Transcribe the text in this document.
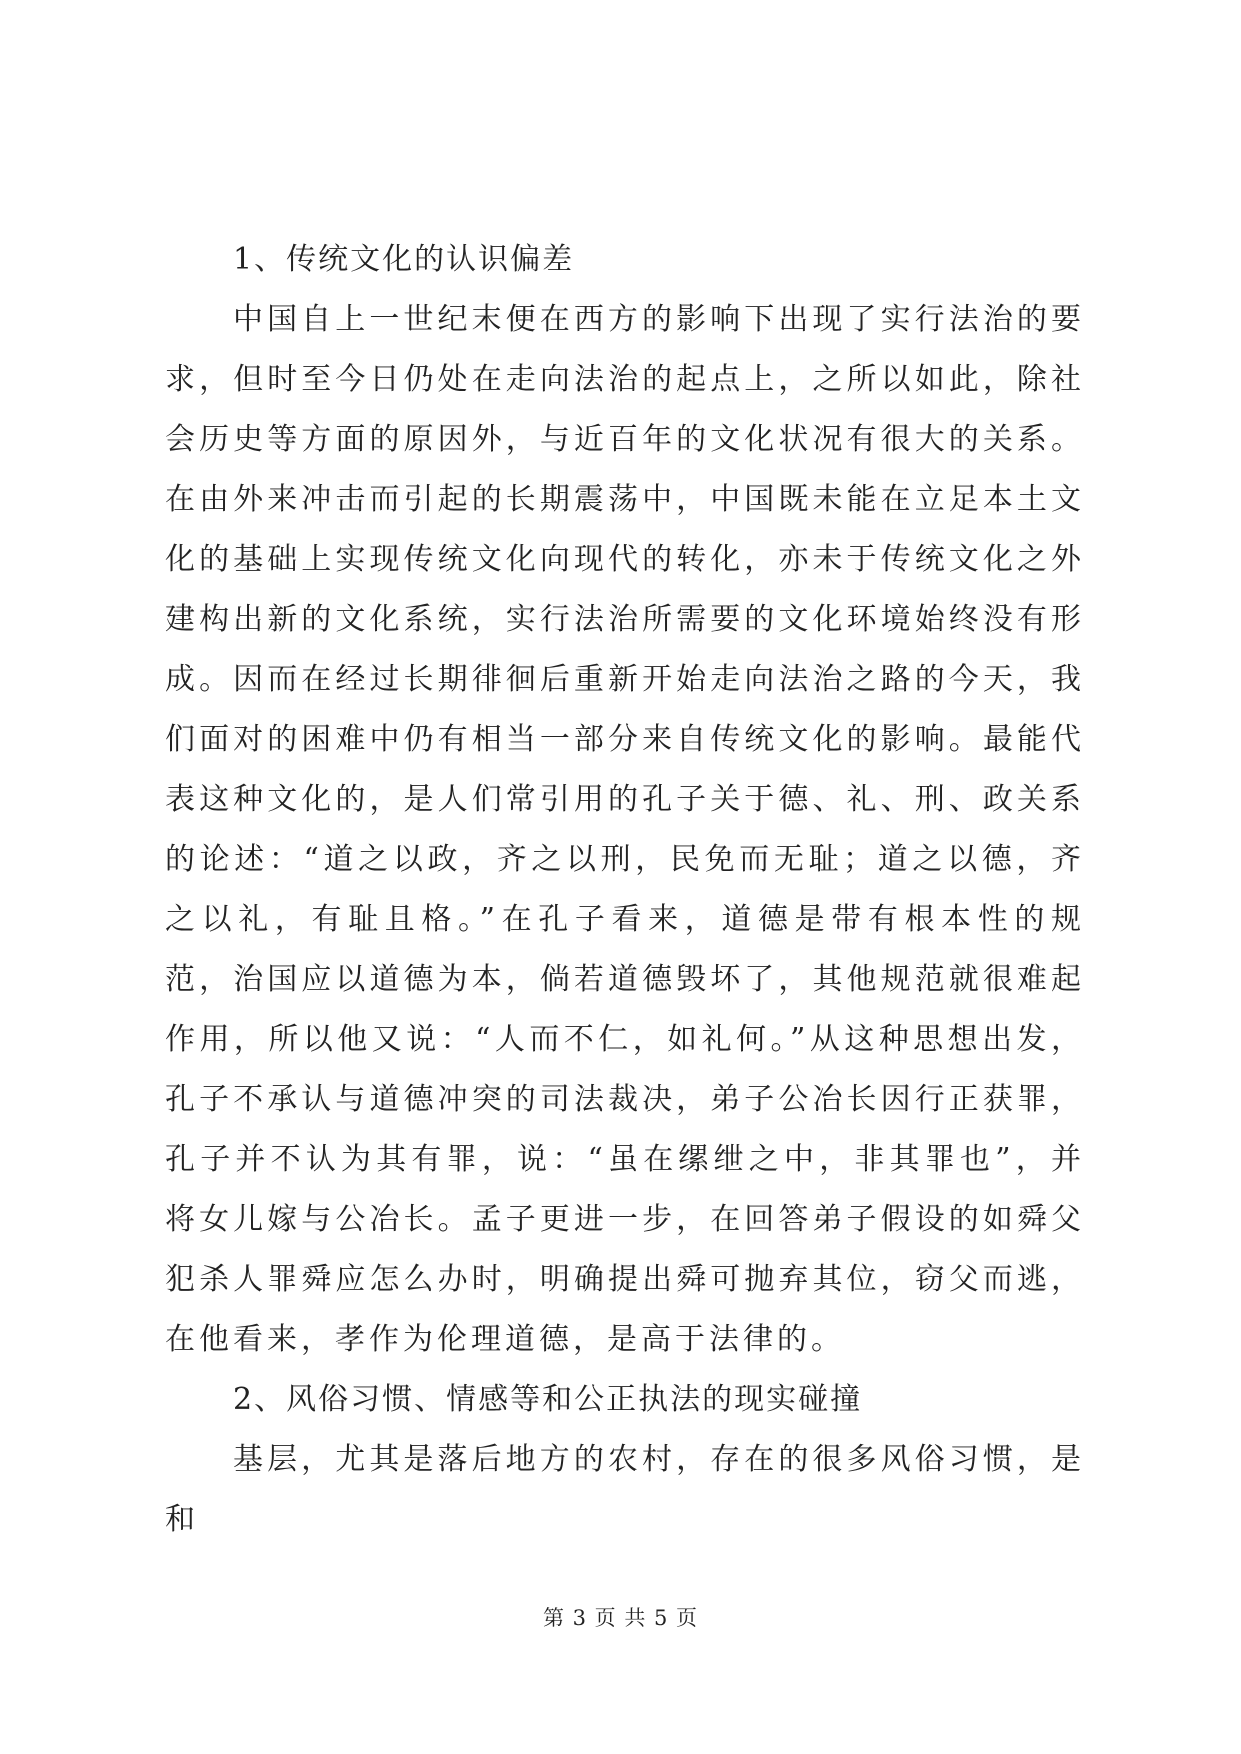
1、传统文化的认识偏差

中国自上一世纪末便在西方的影响下出现了实行法治的要求，但时至今日仍处在走向法治的起点上，之所以如此，除社会历史等方面的原因外，与近百年的文化状况有很大的关系。在由外来冲击而引起的长期震荡中，中国既未能在立足本土文化的基础上实现传统文化向现代的转化，亦未于传统文化之外建构出新的文化系统，实行法治所需要的文化环境始终没有形成。因而在经过长期徘徊后重新开始走向法治之路的今天，我们面对的困难中仍有相当一部分来自传统文化的影响。最能代表这种文化的，是人们常引用的孔子关于德、礼、刑、政关系的论述：“道之以政，齐之以刑，民免而无耻；道之以德，齐之以礼，有耻且格。”在孔子看来，道德是带有根本性的规范，治国应以道德为本，倘若道德毁坏了，其他规范就很难起作用，所以他又说：“人而不仁，如礼何。”从这种思想出发，孔子不承认与道德冲突的司法裁决，弟子公冶长因行正获罪，孔子并不认为其有罪，说：“虽在缧绁之中，非其罪也”，并将女儿嫁与公冶长。孟子更进一步，在回答弟子假设的如舜父犯杀人罪舜应怎么办时，明确提出舜可抛弃其位，窃父而逃，在他看来，孝作为伦理道德，是高于法律的。

2、风俗习惯、情感等和公正执法的现实碰撞

基层，尤其是落后地方的农村，存在的很多风俗习惯，是和

第 3 页 共 5 页
